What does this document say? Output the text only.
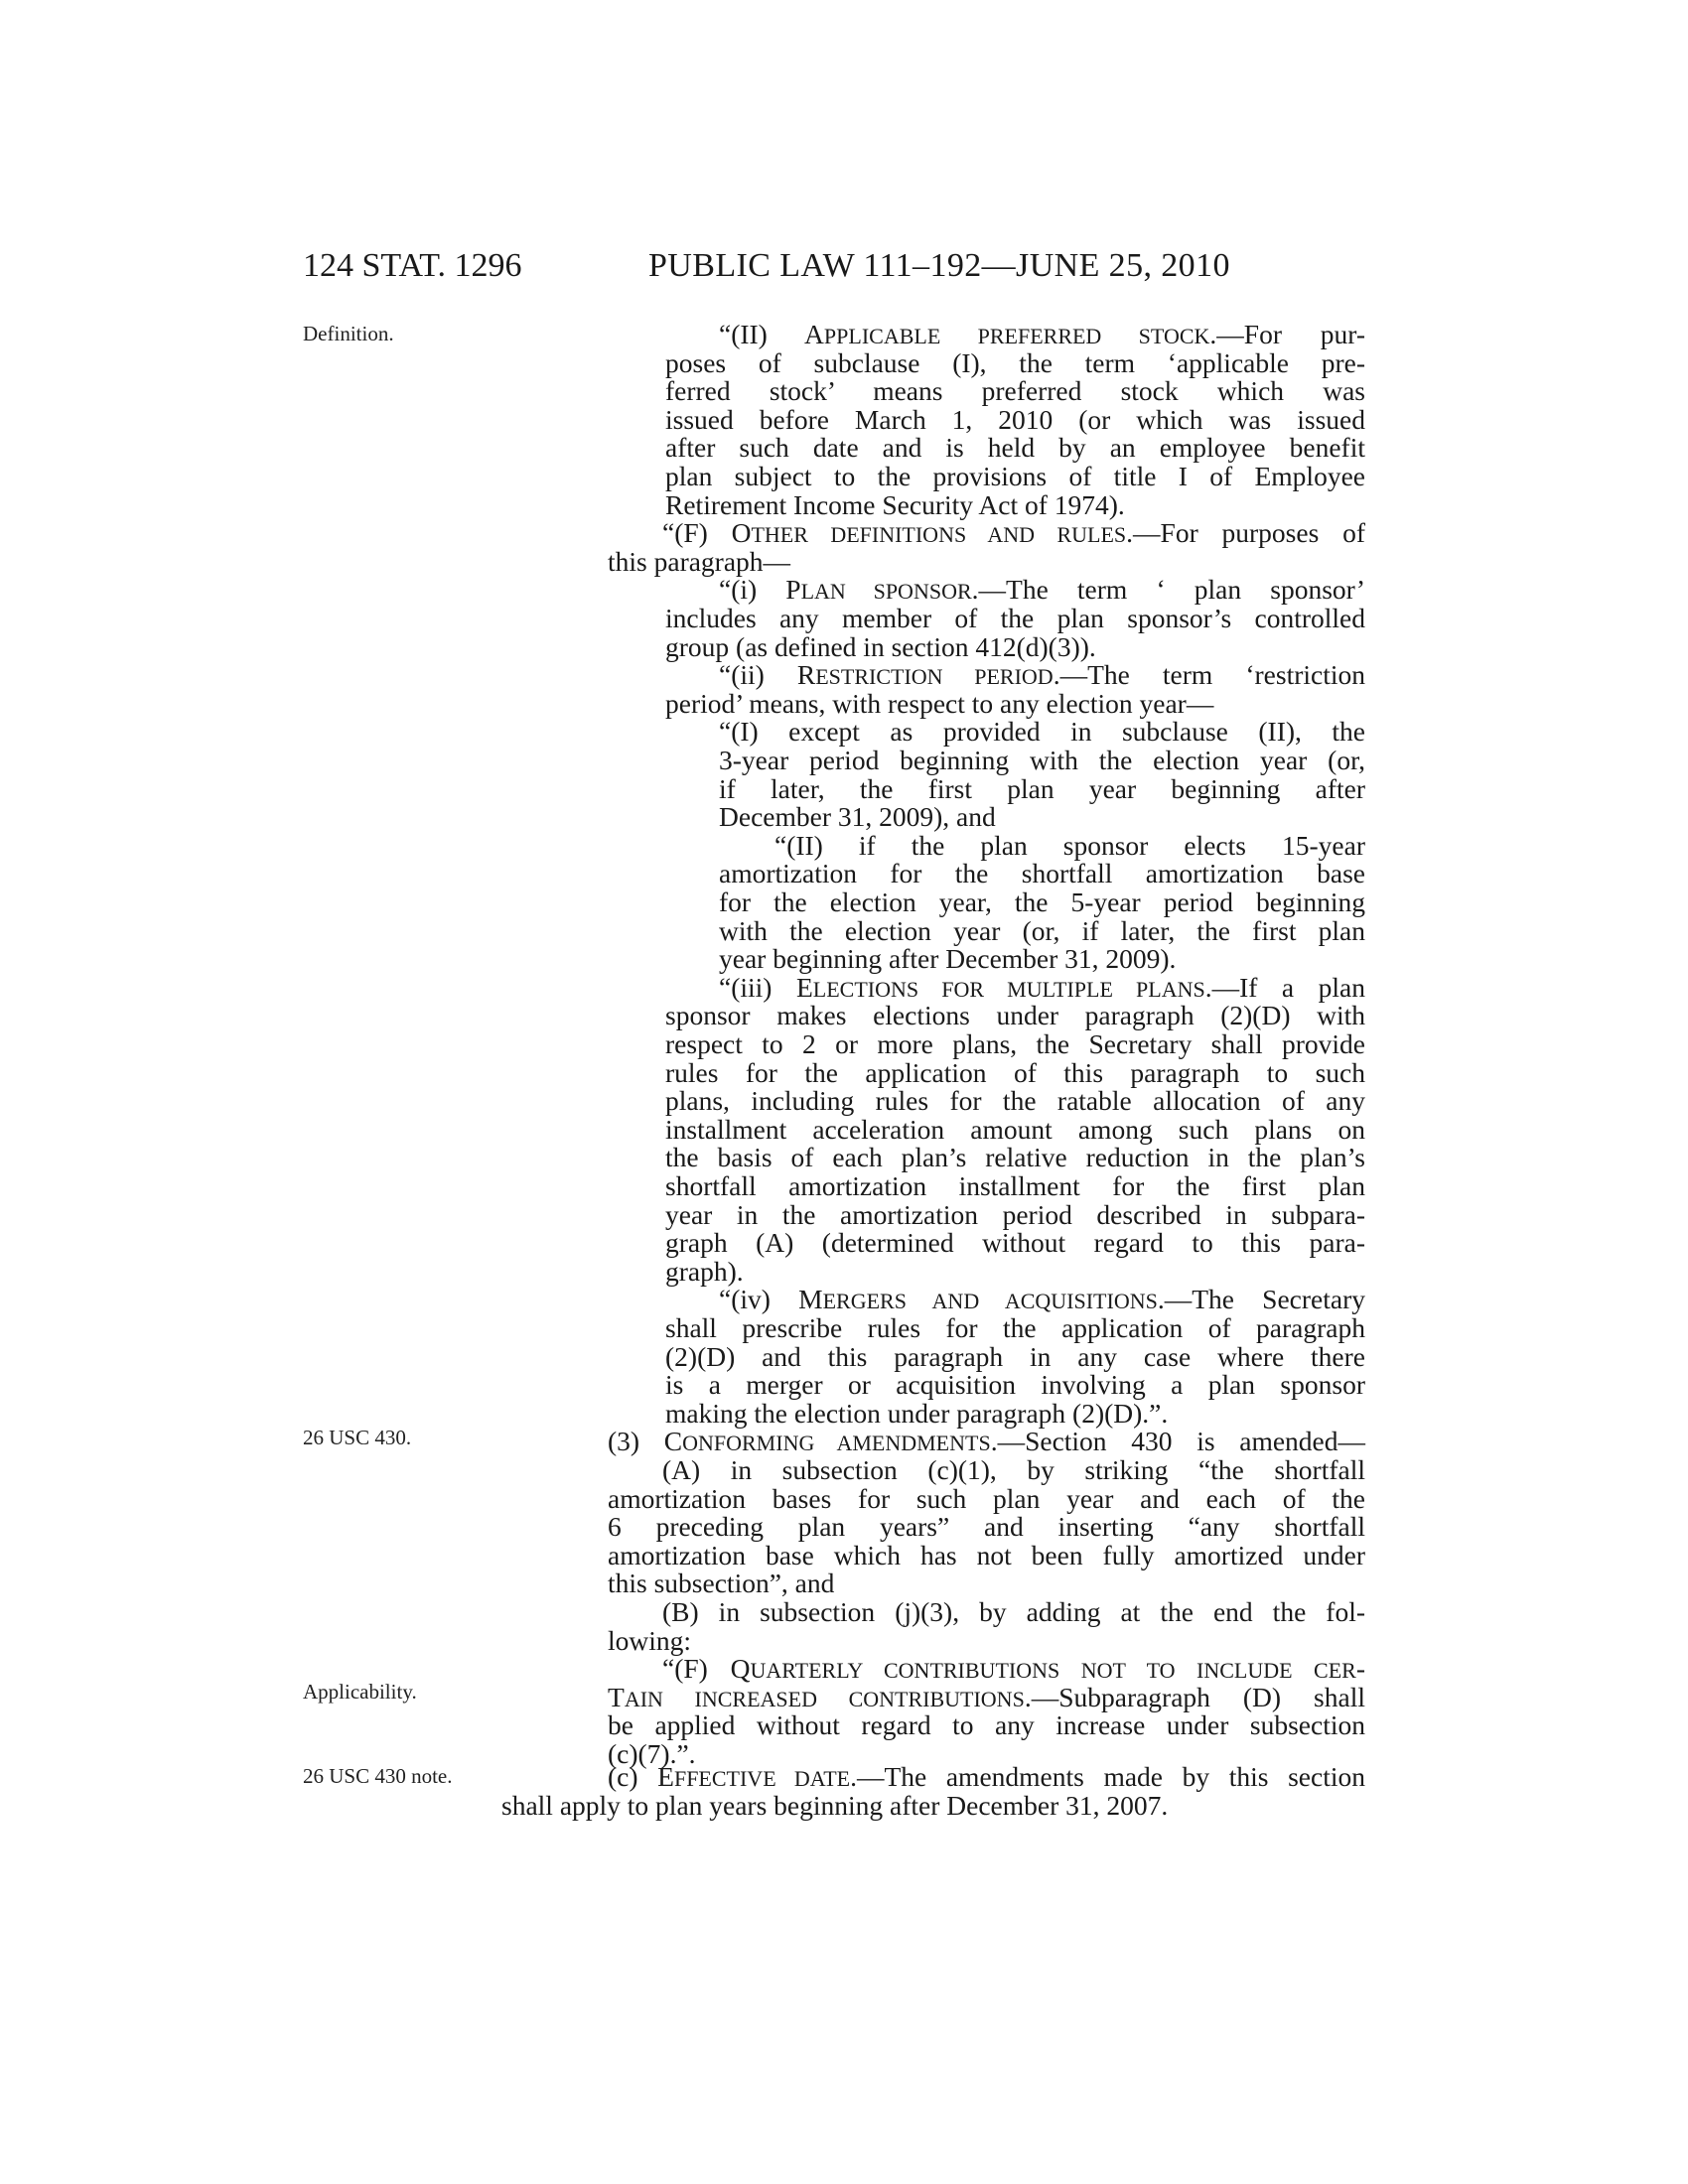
124 STAT. 1296	PUBLIC LAW 111–192—JUNE 25, 2010
Definition.
26 USC 430.
Applicability.
26 USC 430 note.
“(II) APPLICABLE PREFERRED STOCK.—For pur-
poses of subclause (I), the term ‘applicable pre-
ferred stock’ means preferred stock which was
issued before March 1, 2010 (or which was issued
after such date and is held by an employee benefit
plan subject to the provisions of title I of Employee
Retirement Income Security Act of 1974).
“(F) OTHER DEFINITIONS AND RULES.—For purposes of
this paragraph—
“(i) PLAN SPONSOR.—The term ‘ plan sponsor’
includes any member of the plan sponsor’s controlled
group (as defined in section 412(d)(3)).
“(ii) RESTRICTION PERIOD.—The term ‘restriction
period’ means, with respect to any election year—
“(I) except as provided in subclause (II), the
3-year period beginning with the election year (or,
if later, the first plan year beginning after
December 31, 2009), and
“(II) if the plan sponsor elects 15-year
amortization for the shortfall amortization base
for the election year, the 5-year period beginning
with the election year (or, if later, the first plan
year beginning after December 31, 2009).
“(iii) ELECTIONS FOR MULTIPLE PLANS.—If a plan
sponsor makes elections under paragraph (2)(D) with
respect to 2 or more plans, the Secretary shall provide
rules for the application of this paragraph to such
plans, including rules for the ratable allocation of any
installment acceleration amount among such plans on
the basis of each plan’s relative reduction in the plan’s
shortfall amortization installment for the first plan
year in the amortization period described in subpara-
graph (A) (determined without regard to this para-
graph).
“(iv) MERGERS AND ACQUISITIONS.—The Secretary
shall prescribe rules for the application of paragraph
(2)(D) and this paragraph in any case where there
is a merger or acquisition involving a plan sponsor
making the election under paragraph (2)(D).”.
(3) CONFORMING AMENDMENTS.—Section 430 is amended—
(A) in subsection (c)(1), by striking “the shortfall
amortization bases for such plan year and each of the
6 preceding plan years” and inserting “any shortfall
amortization base which has not been fully amortized under
this subsection”, and
(B) in subsection (j)(3), by adding at the end the fol-
lowing:
“(F) QUARTERLY CONTRIBUTIONS NOT TO INCLUDE CER-
TAIN INCREASED CONTRIBUTIONS.—Subparagraph (D) shall
be applied without regard to any increase under subsection
(c)(7).”.
(c) EFFECTIVE DATE.—The amendments made by this section
shall apply to plan years beginning after December 31, 2007.
